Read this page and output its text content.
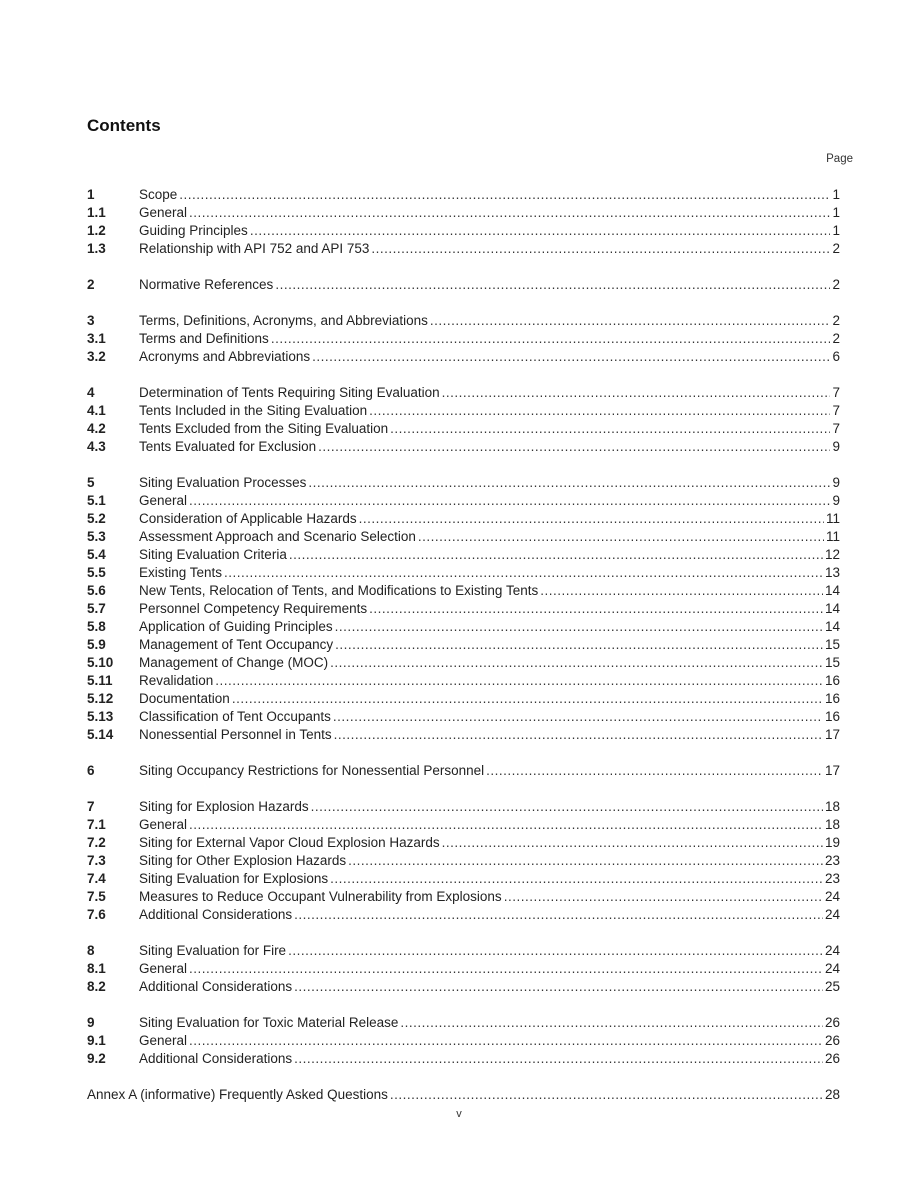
Contents
Page
1	Scope .....	1
1.1	General .....	1
1.2	Guiding Principles .....	1
1.3	Relationship with API 752 and API 753 .....	2
2	Normative References .....	2
3	Terms, Definitions, Acronyms, and Abbreviations .....	2
3.1	Terms and Definitions .....	2
3.2	Acronyms and Abbreviations .....	6
4	Determination of Tents Requiring Siting Evaluation .....	7
4.1	Tents Included in the Siting Evaluation .....	7
4.2	Tents Excluded from the Siting Evaluation .....	7
4.3	Tents Evaluated for Exclusion .....	9
5	Siting Evaluation Processes .....	9
5.1	General .....	9
5.2	Consideration of Applicable Hazards .....	11
5.3	Assessment Approach and Scenario Selection .....	11
5.4	Siting Evaluation Criteria .....	12
5.5	Existing Tents .....	13
5.6	New Tents, Relocation of Tents, and Modifications to Existing Tents .....	14
5.7	Personnel Competency Requirements .....	14
5.8	Application of Guiding Principles .....	14
5.9	Management of Tent Occupancy .....	15
5.10	Management of Change (MOC) .....	15
5.11	Revalidation .....	16
5.12	Documentation .....	16
5.13	Classification of Tent Occupants .....	16
5.14	Nonessential Personnel in Tents .....	17
6	Siting Occupancy Restrictions for Nonessential Personnel .....	17
7	Siting for Explosion Hazards .....	18
7.1	General .....	18
7.2	Siting for External Vapor Cloud Explosion Hazards .....	19
7.3	Siting for Other Explosion Hazards .....	23
7.4	Siting Evaluation for Explosions .....	23
7.5	Measures to Reduce Occupant Vulnerability from Explosions .....	24
7.6	Additional Considerations .....	24
8	Siting Evaluation for Fire .....	24
8.1	General .....	24
8.2	Additional Considerations .....	25
9	Siting Evaluation for Toxic Material Release .....	26
9.1	General .....	26
9.2	Additional Considerations .....	26
Annex A (informative) Frequently Asked Questions .....	28
v
